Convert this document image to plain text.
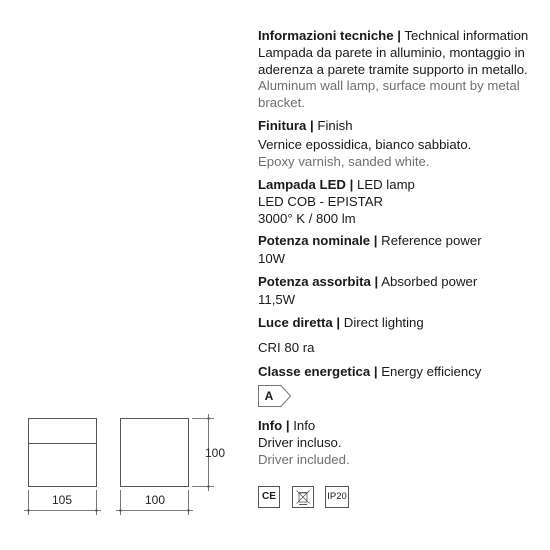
Informazioni tecniche | Technical information
Lampada da parete in alluminio, montaggio in
aderenza a parete tramite supporto in metallo.
Aluminum wall lamp, surface mount by metal
bracket.
Finitura | Finish
Vernice epossidica, bianco sabbiato.
Epoxy varnish, sanded white.
Lampada LED | LED lamp
LED COB - EPISTAR
3000° K / 800 lm
Potenza nominale | Reference power
10W
Potenza assorbita | Absorbed power
11,5W
Luce diretta | Direct lighting
CRI 80 ra
Classe energetica | Energy efficiency
A
Info | Info
Driver incluso.
Driver included.
CE	IP20
105	100
100
